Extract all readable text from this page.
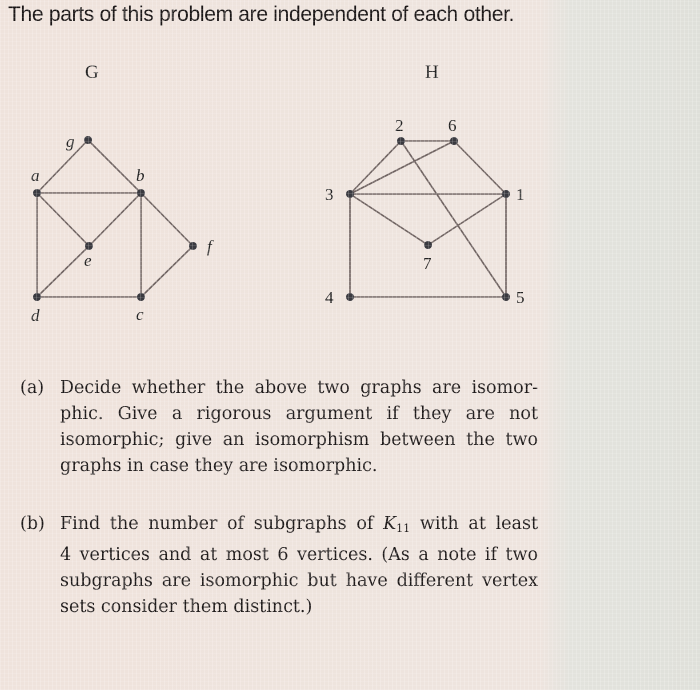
The parts of this problem are independent of each other.
g
a	b
e
f
d	c
2	6
3	1
7
4	5
G	H
(a) Decide whether the above two graphs are isomor-
phic. Give a rigorous argument if they are not
isomorphic; give an isomorphism between the two
graphs in case they are isomorphic.
(b) Find the number of subgraphs of $K_{11}$ with at least
4 vertices and at most 6 vertices. (As a note if two
subgraphs are isomorphic but have different vertex
sets consider them distinct.)
